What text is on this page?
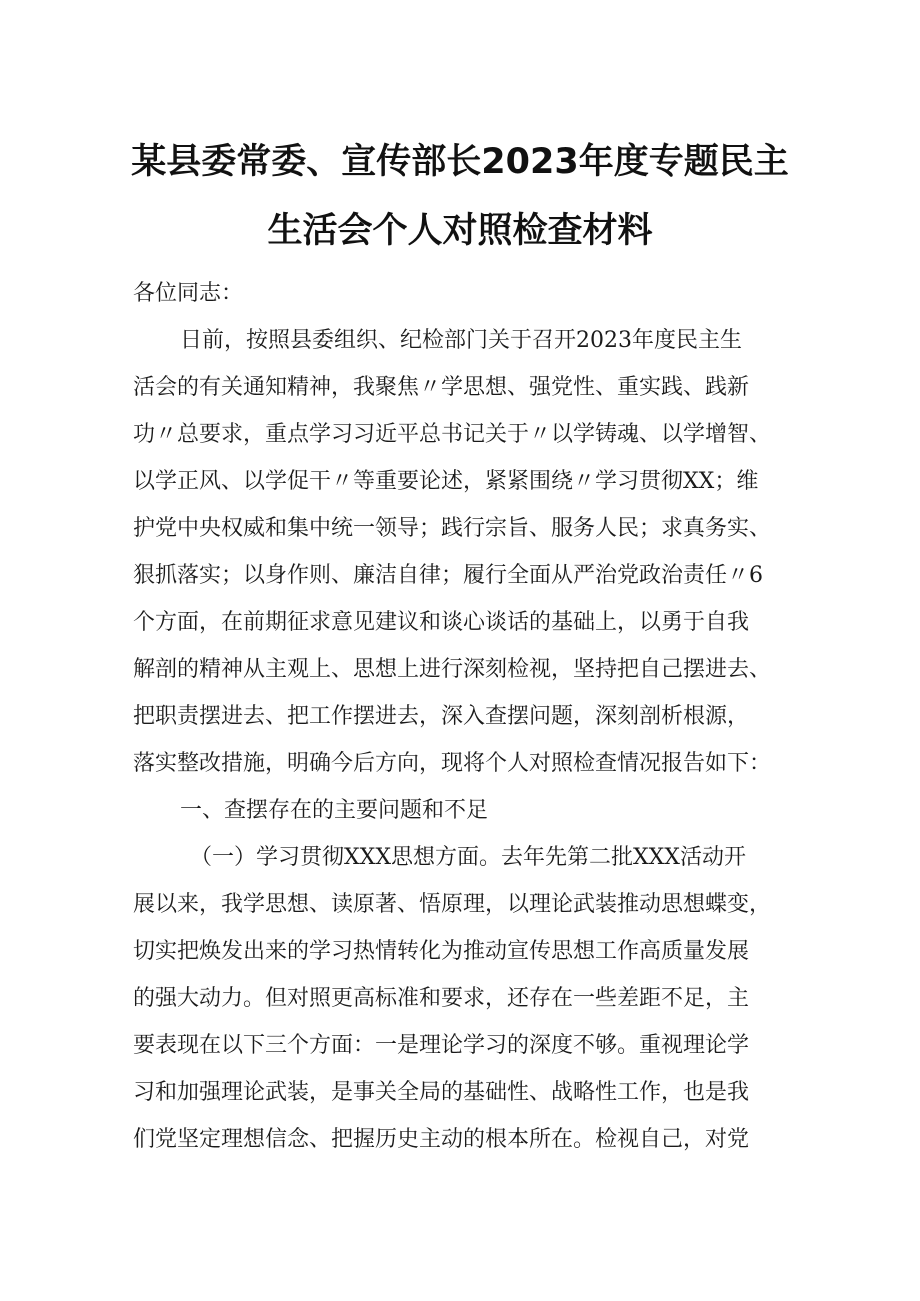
某县委常委、宣传部长2023年度专题民主
生活会个人对照检查材料
各位同志：
日前，按照县委组织、纪检部门关于召开2023年度民主生
活会的有关通知精神，我聚焦〃学思想、强党性、重实践、践新
功〃总要求，重点学习习近平总书记关于〃以学铸魂、以学增智、
以学正风、以学促干〃等重要论述，紧紧围绕〃学习贯彻XX；维
护党中央权威和集中统一领导；践行宗旨、服务人民；求真务实、
狠抓落实；以身作则、廉洁自律；履行全面从严治党政治责任〃6
个方面，在前期征求意见建议和谈心谈话的基础上，以勇于自我
解剖的精神从主观上、思想上进行深刻检视，坚持把自己摆进去、
把职责摆进去、把工作摆进去，深入查摆问题，深刻剖析根源，
落实整改措施，明确今后方向，现将个人对照检查情况报告如下：
一、查摆存在的主要问题和不足
（一）学习贯彻XXX思想方面。去年先第二批XXX活动开
展以来，我学思想、读原著、悟原理，以理论武装推动思想蝶变，
切实把焕发出来的学习热情转化为推动宣传思想工作高质量发展
的强大动力。但对照更高标准和要求，还存在一些差距不足，主
要表现在以下三个方面：一是理论学习的深度不够。重视理论学
习和加强理论武装，是事关全局的基础性、战略性工作，也是我
们党坚定理想信念、把握历史主动的根本所在。检视自己，对党
